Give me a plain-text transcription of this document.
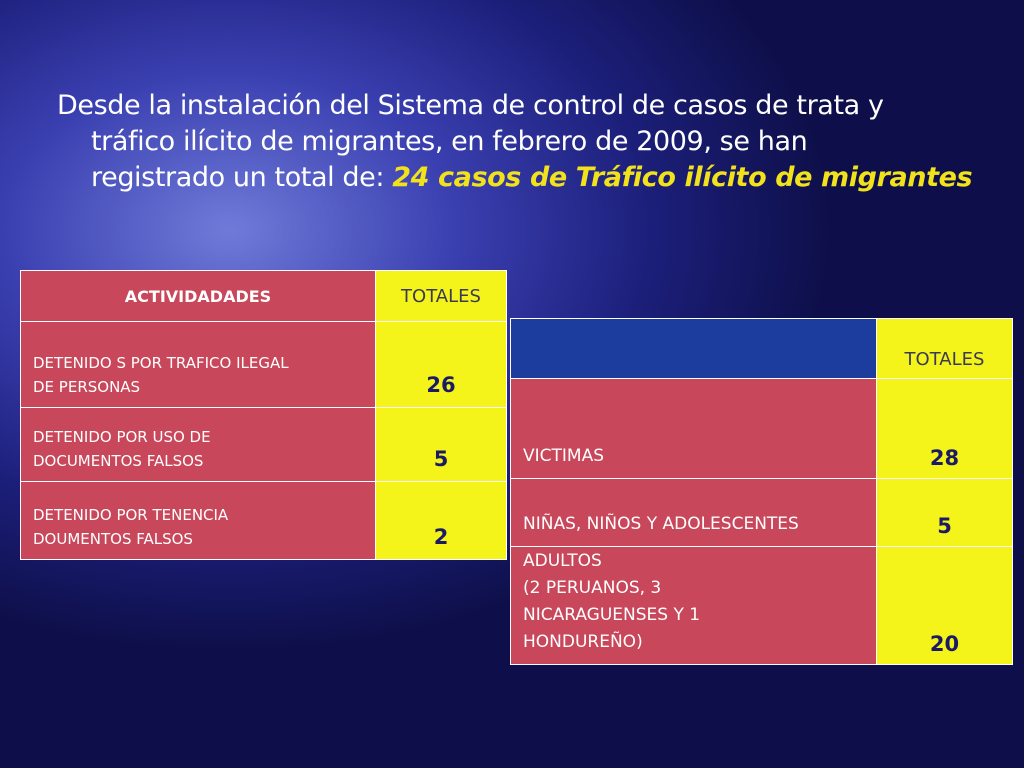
Desde la instalación del Sistema de control de casos de trata y
tráfico ilícito de migrantes, en febrero de 2009, se han
registrado un total de: 24 casos de Tráfico ilícito de migrantes
ACTIVIDADADES	TOTALES
DETENIDO S POR TRAFICO ILEGAL
DE PERSONAS	26
DETENIDO POR USO DE
DOCUMENTOS FALSOS	5
DETENIDO POR TENENCIA
DOUMENTOS FALSOS	2
	TOTALES
VICTIMAS	28
NIÑAS, NIÑOS Y ADOLESCENTES	5
ADULTOS
(2 PERUANOS, 3
NICARAGUENSES Y 1
HONDUREÑO)	20
